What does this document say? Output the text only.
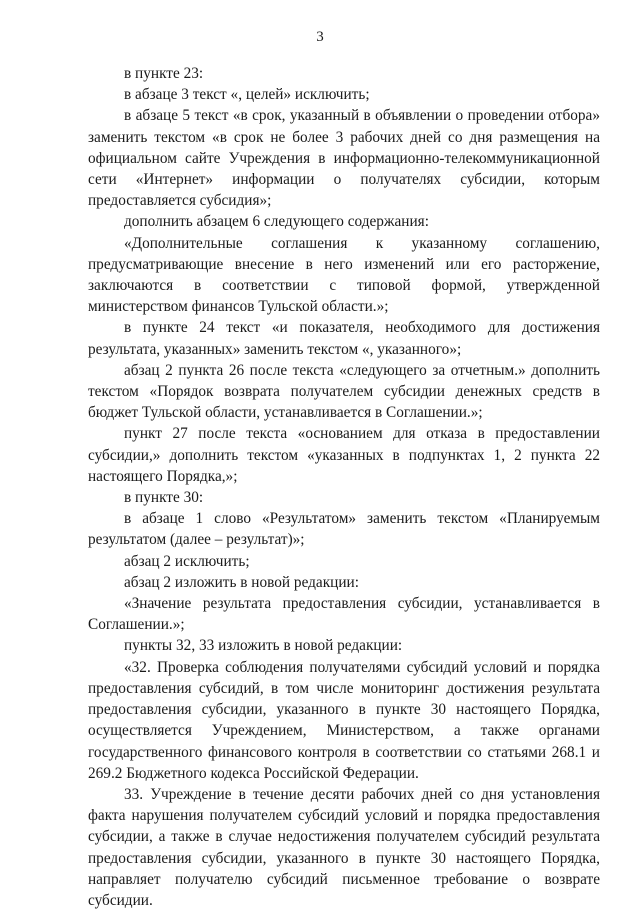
3

в пункте 23:

в абзаце 3 текст «, целей» исключить;

в абзаце 5 текст «в срок, указанный в объявлении о проведении отбора» заменить текстом «в срок не более 3 рабочих дней со дня размещения на официальном сайте Учреждения в информационно-телекоммуникационной сети «Интернет» информации о получателях субсидии, которым предоставляется субсидия»;

дополнить абзацем 6 следующего содержания:

«Дополнительные соглашения к указанному соглашению, предусматривающие внесение в него изменений или его расторжение, заключаются в соответствии с типовой формой, утвержденной министерством финансов Тульской области.»;

в пункте 24 текст «и показателя, необходимого для достижения результата, указанных» заменить текстом «, указанного»;

абзац 2 пункта 26 после текста «следующего за отчетным.» дополнить текстом «Порядок возврата получателем субсидии денежных средств в бюджет Тульской области, устанавливается в Соглашении.»;

пункт 27 после текста «основанием для отказа в предоставлении субсидии,» дополнить текстом «указанных в подпунктах 1, 2 пункта 22 настоящего Порядка,»;

в пункте 30:

в абзаце 1 слово «Результатом» заменить текстом «Планируемым результатом (далее – результат)»;

абзац 2 исключить;

абзац 2 изложить в новой редакции:

«Значение результата предоставления субсидии, устанавливается в Соглашении.»;

пункты 32, 33 изложить в новой редакции:

«32. Проверка соблюдения получателями субсидий условий и порядка предоставления субсидий, в том числе мониторинг достижения результата предоставления субсидии, указанного в пункте 30 настоящего Порядка, осуществляется Учреждением, Министерством, а также органами государственного финансового контроля в соответствии со статьями 268.1 и 269.2 Бюджетного кодекса Российской Федерации.

33. Учреждение в течение десяти рабочих дней со дня установления факта нарушения получателем субсидий условий и порядка предоставления субсидии, а также в случае недостижения получателем субсидий результата предоставления субсидии, указанного в пункте 30 настоящего Порядка, направляет получателю субсидий письменное требование о возврате субсидии.
